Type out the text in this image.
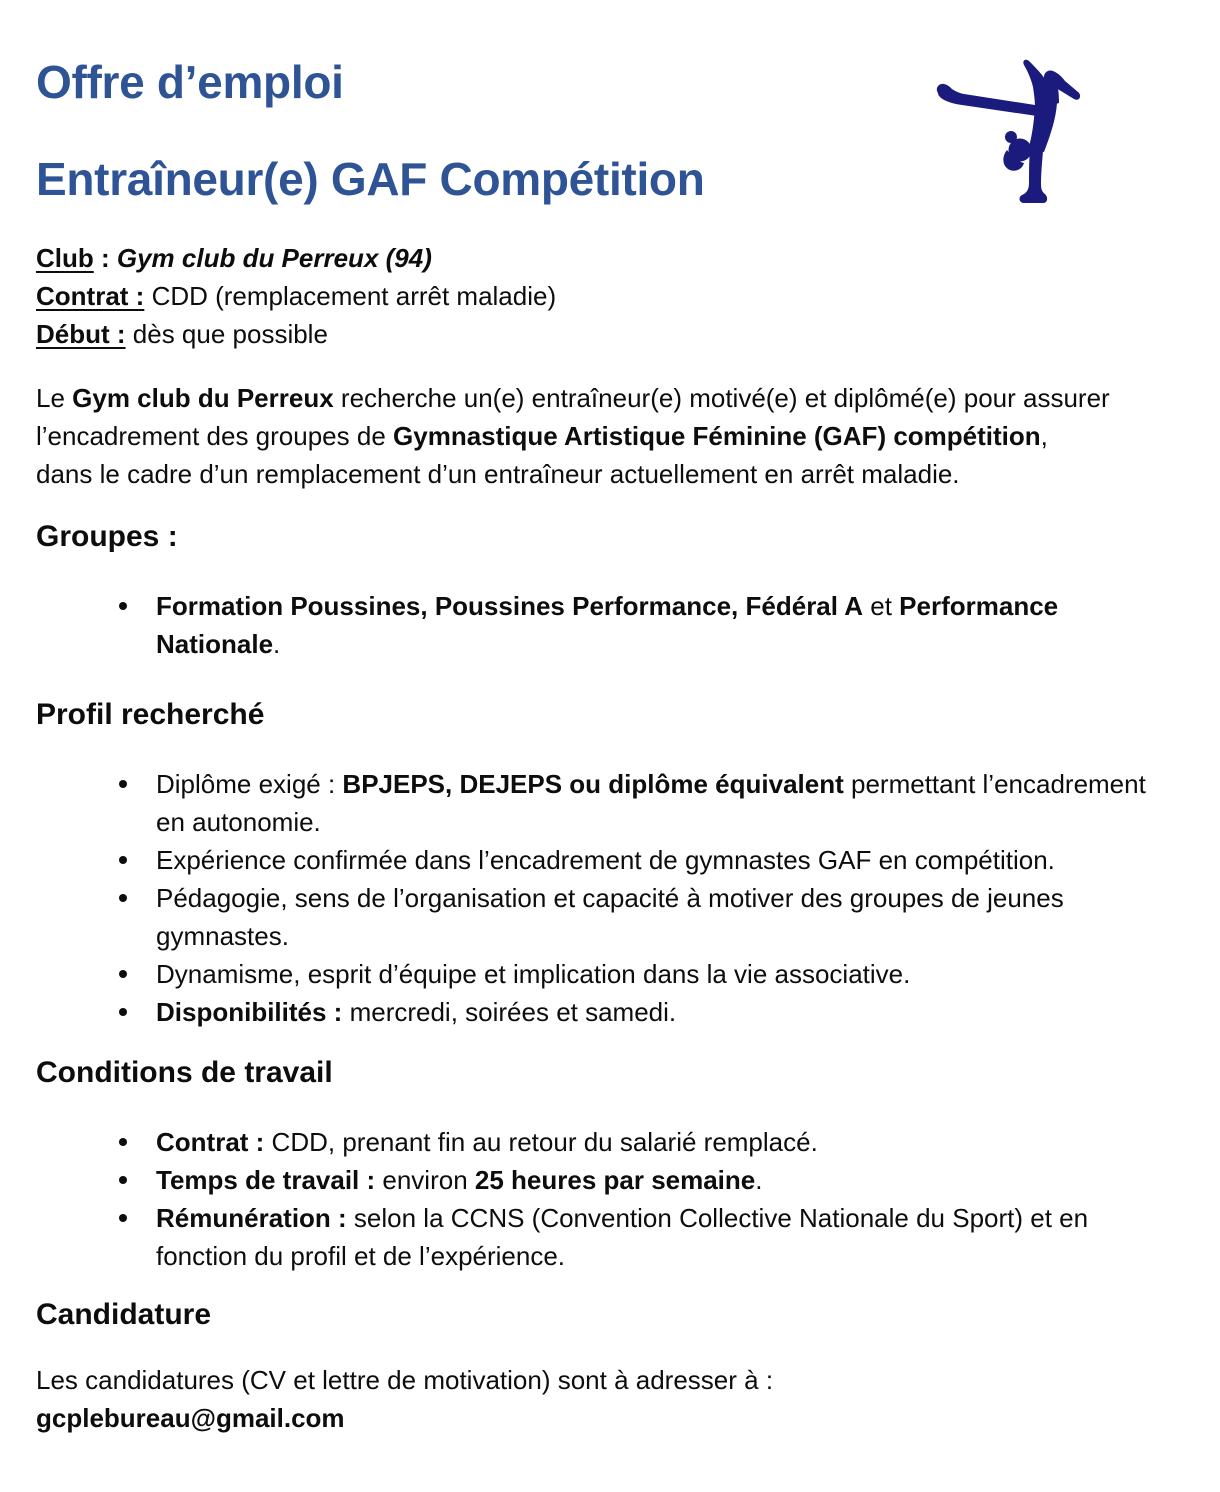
Offre d’emploi
Entraîneur(e) GAF Compétition
Club : Gym club du Perreux (94)
Contrat : CDD (remplacement arrêt maladie)
Début : dès que possible

Le Gym club du Perreux recherche un(e) entraîneur(e) motivé(e) et diplômé(e) pour assurer l’encadrement des groupes de Gymnastique Artistique Féminine (GAF) compétition, dans le cadre d’un remplacement d’un entraîneur actuellement en arrêt maladie.

Groupes :
Formation Poussines, Poussines Performance, Fédéral A et Performance Nationale.
Profil recherché
Diplôme exigé : BPJEPS, DEJEPS ou diplôme équivalent permettant l’encadrement en autonomie.
Expérience confirmée dans l’encadrement de gymnastes GAF en compétition.
Pédagogie, sens de l’organisation et capacité à motiver des groupes de jeunes gymnastes.
Dynamisme, esprit d’équipe et implication dans la vie associative.
Disponibilités : mercredi, soirées et samedi.
Conditions de travail
Contrat : CDD, prenant fin au retour du salarié remplacé.
Temps de travail : environ 25 heures par semaine.
Rémunération : selon la CCNS (Convention Collective Nationale du Sport) et en fonction du profil et de l’expérience.
Candidature

Les candidatures (CV et lettre de motivation) sont à adresser à :

gcplebureau@gmail.com
